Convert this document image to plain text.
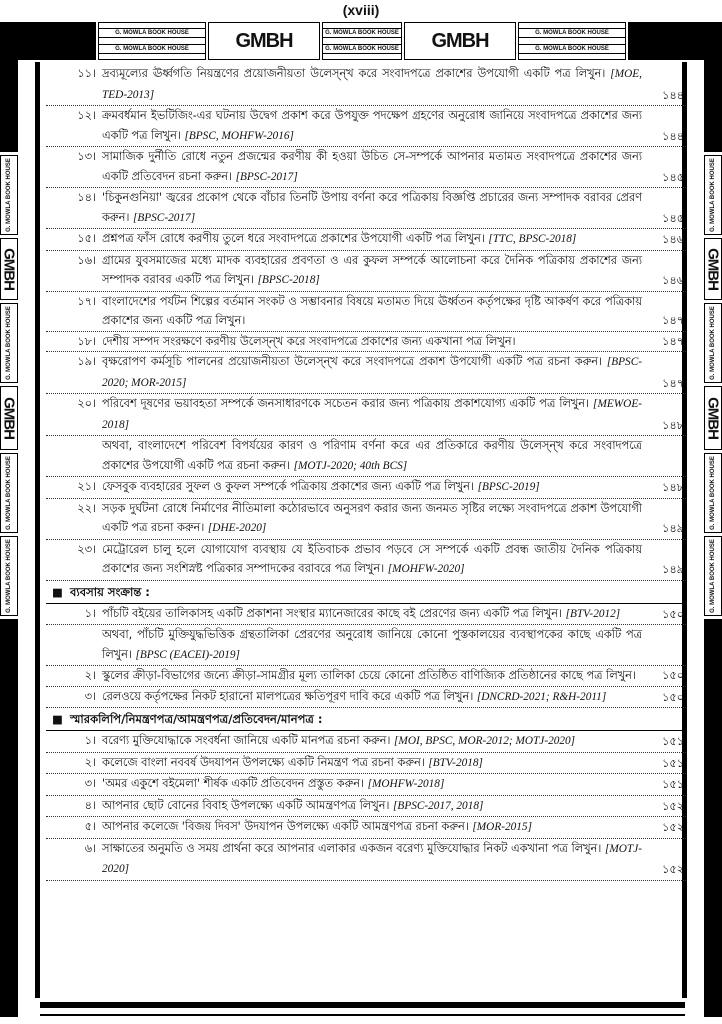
(xviii)
G. MOWLA BOOK HOUSE
G. MOWLA BOOK HOUSE	GMBH	G. MOWLA BOOK HOUSE
G. MOWLA BOOK HOUSE	GMBH	G. MOWLA BOOK HOUSE
G. MOWLA BOOK HOUSE
G. MOWLA BOOK HOUSE
GMBH
G. MOWLA BOOK HOUSE
GMBH
G. MOWLA BOOK HOUSE
G. MOWLA BOOK HOUSE
G. MOWLA BOOK HOUSE
GMBH
G. MOWLA BOOK HOUSE
GMBH
G. MOWLA BOOK HOUSE
G. MOWLA BOOK HOUSE
১১। দ্রব্যমূল্যের ঊর্ধ্বগতি নিয়ন্ত্রণের প্রয়োজনীয়তা উলেস্ন্খ করে সংবাদপত্রে প্রকাশের উপযোগী একটি পত্র লিখুন। [MOE, TED-2013]	১৪৪
১২। ক্রমবর্ধমান ইভটিজিং-এর ঘটনায় উদ্বেগ প্রকাশ করে উপযুক্ত পদক্ষেপ গ্রহণের অনুরোধ জানিয়ে সংবাদপত্রে প্রকাশের জন্য একটি পত্র লিখুন। [BPSC, MOHFW-2016]	১৪৪
১৩। সামাজিক দুর্নীতি রোধে নতুন প্রজন্মের করণীয় কী হওয়া উচিত সে-সম্পর্কে আপনার মতামত সংবাদপত্রে প্রকাশের জন্য একটি প্রতিবেদন রচনা করুন। [BPSC-2017]	১৪৫
১৪। 'চিকুনগুনিয়া' জ্বরের প্রকোপ থেকে বাঁচার তিনটি উপায় বর্ণনা করে পত্রিকায় বিজ্ঞপ্তি প্রচারের জন্য সম্পাদক বরাবর প্রেরণ করুন। [BPSC-2017]	১৪৫
১৫। প্রশ্নপত্র ফাঁস রোধে করণীয় তুলে ধরে সংবাদপত্রে প্রকাশের উপযোগী একটি পত্র লিখুন। [TTC, BPSC-2018]	১৪৬
১৬। গ্রামের যুবসমাজের মধ্যে মাদক ব্যবহারের প্রবণতা ও এর কুফল সম্পর্কে আলোচনা করে দৈনিক পত্রিকায় প্রকাশের জন্য সম্পাদক বরাবর একটি পত্র লিখুন। [BPSC-2018]	১৪৬
১৭। বাংলাদেশের পর্যটন শিল্পের বর্তমান সংকট ও সম্ভাবনার বিষয়ে মতামত দিয়ে ঊর্ধ্বতন কর্তৃপক্ষের দৃষ্টি আকর্ষণ করে পত্রিকায় প্রকাশের জন্য একটি পত্র লিখুন।	১৪৭
১৮। দেশীয় সম্পদ সংরক্ষণে করণীয় উলেস্ন্খ করে সংবাদপত্রে প্রকাশের জন্য একখানা পত্র লিখুন।	১৪৭
১৯। বৃক্ষরোপণ কর্মসূচি পালনের প্রয়োজনীয়তা উলেস্ন্খ করে সংবাদপত্রে প্রকাশ উপযোগী একটি পত্র রচনা করুন। [BPSC-2020; MOR-2015]	১৪৭
২০। পরিবেশ দূষণের ভয়াবহতা সম্পর্কে জনসাধারণকে সচেতন করার জন্য পত্রিকায় প্রকাশযোগ্য একটি পত্র লিখুন। [MEWOE-2018]	১৪৮
অথবা, বাংলাদেশে পরিবেশ বিপর্যয়ের কারণ ও পরিণাম বর্ণনা করে এর প্রতিকারে করণীয় উলেস্ন্খ করে সংবাদপত্রে প্রকাশের উপযোগী একটি পত্র রচনা করুন। [MOTJ-2020; 40th BCS]
২১। ফেসবুক ব্যবহারের সুফল ও কুফল সম্পর্কে পত্রিকায় প্রকাশের জন্য একটি পত্র লিখুন। [BPSC-2019]	১৪৮
২২। সড়ক দুর্ঘটনা রোধে নির্মাণের নীতিমালা কঠোরভাবে অনুসরণ করার জন্য জনমত সৃষ্টির লক্ষ্যে সংবাদপত্রে প্রকাশ উপযোগী একটি পত্র রচনা করুন। [DHE-2020]	১৪৯
২৩। মেট্রোরেল চালু হলে যোগাযোগ ব্যবস্থায় যে ইতিবাচক প্রভাব পড়বে সে সম্পর্কে একটি প্রবন্ধ জাতীয় দৈনিক পত্রিকায় প্রকাশের জন্য সংশিস্নষ্ট পত্রিকার সম্পাদকের বরাবরে পত্র লিখুন। [MOHFW-2020]	১৪৯
■ ব্যবসায় সংক্রান্ত :
১। পাঁচটি বইয়ের তালিকাসহ একটি প্রকাশনা সংস্থার ম্যানেজারের কাছে বই প্রেরণের জন্য একটি পত্র লিখুন। [BTV-2012]	১৫০
অথবা, পাঁচটি মুক্তিযুদ্ধভিত্তিক গ্রন্থতালিকা প্রেরণের অনুরোধ জানিয়ে কোনো পুস্তকালয়ের ব্যবস্থাপকের কাছে একটি পত্র লিখুন। [BPSC (EACEI)-2019]
২। স্কুলের ক্রীড়া-বিভাগের জন্যে ক্রীড়া-সামগ্রীর মূল্য তালিকা চেয়ে কোনো প্রতিষ্ঠিত বাণিজ্যিক প্রতিষ্ঠানের কাছে পত্র লিখুন।	১৫০
৩। রেলওয়ে কর্তৃপক্ষের নিকট হারানো মালপত্রের ক্ষতিপূরণ দাবি করে একটি পত্র লিখুন। [DNCRD-2021; R&H-2011]	১৫০
■ স্মারকলিপি/নিমন্ত্রণপত্র/আমন্ত্রণপত্র/প্রতিবেদন/মানপত্র :
১। বরেণ্য মুক্তিযোদ্ধাকে সংবর্ধনা জানিয়ে একটি মানপত্র রচনা করুন। [MOI, BPSC, MOR-2012; MOTJ-2020]	১৫১
২। কলেজে বাংলা নববর্ষ উদযাপন উপলক্ষ্যে একটি নিমন্ত্রণ পত্র রচনা করুন। [BTV-2018]	১৫১
৩। 'অমর একুশে বইমেলা' শীর্ষক একটি প্রতিবেদন প্রস্তুত করুন। [MOHFW-2018]	১৫১
৪। আপনার ছোট বোনের বিবাহ উপলক্ষ্যে একটি আমন্ত্রণপত্র লিখুন। [BPSC-2017, 2018]	১৫২
৫। আপনার কলেজে 'বিজয় দিবস' উদযাপন উপলক্ষ্যে একটি আমন্ত্রণপত্র রচনা করুন। [MOR-2015]	১৫২
৬। সাক্ষাতের অনুমতি ও সময় প্রার্থনা করে আপনার এলাকার একজন বরেণ্য মুক্তিযোদ্ধার নিকট একখানা পত্র লিখুন। [MOTJ-2020]	১৫২
